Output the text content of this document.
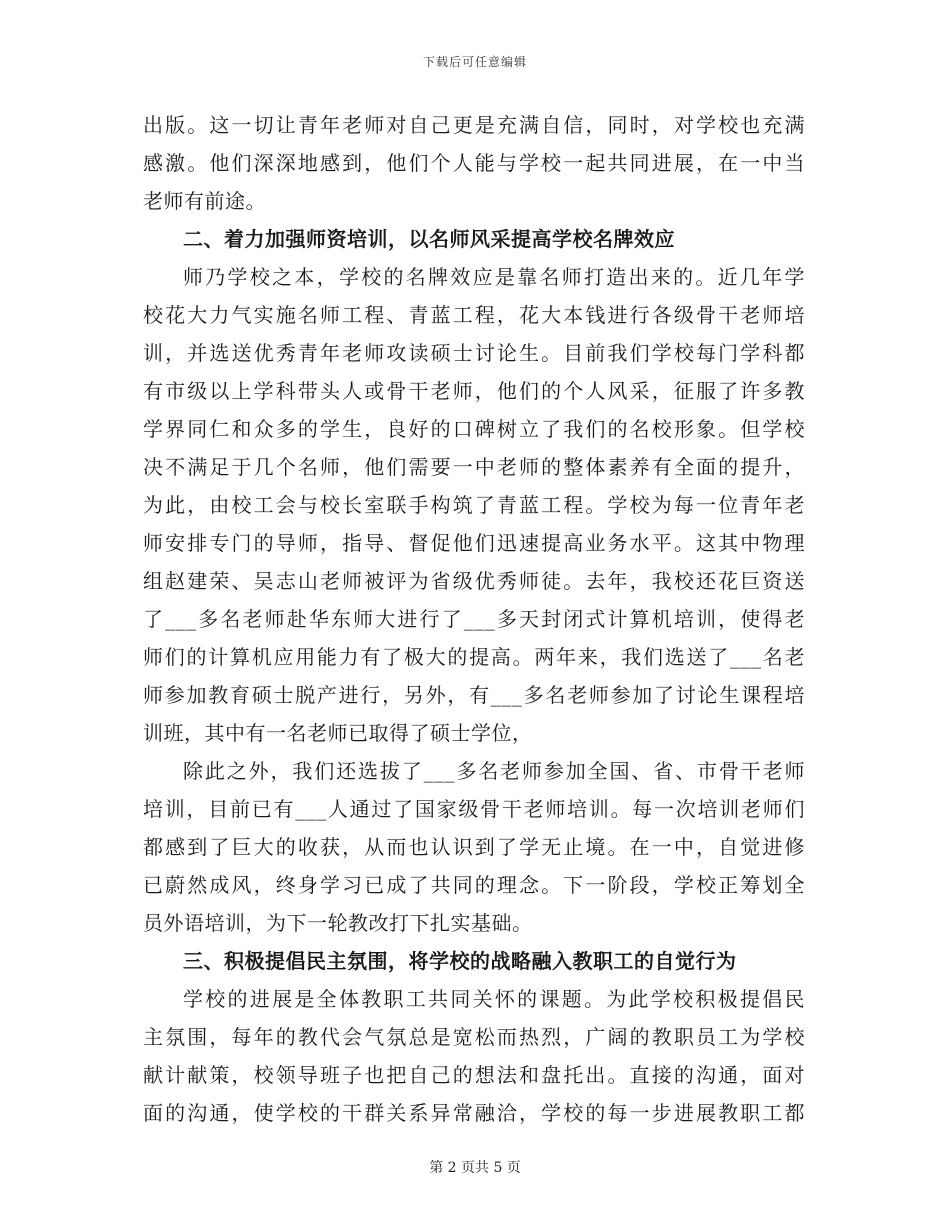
下载后可任意编辑
出版。这一切让青年老师对自己更是充满自信，同时，对学校也充满
感激。他们深深地感到，他们个人能与学校一起共同进展，在一中当
老师有前途。
二、着力加强师资培训，以名师风采提高学校名牌效应
师乃学校之本，学校的名牌效应是靠名师打造出来的。近几年学
校花大力气实施名师工程、青蓝工程，花大本钱进行各级骨干老师培
训，并选送优秀青年老师攻读硕士讨论生。目前我们学校每门学科都
有市级以上学科带头人或骨干老师，他们的个人风采，征服了许多教
学界同仁和众多的学生，良好的口碑树立了我们的名校形象。但学校
决不满足于几个名师，他们需要一中老师的整体素养有全面的提升，
为此，由校工会与校长室联手构筑了青蓝工程。学校为每一位青年老
师安排专门的导师，指导、督促他们迅速提高业务水平。这其中物理
组赵建荣、吴志山老师被评为省级优秀师徒。去年，我校还花巨资送
了___多名老师赴华东师大进行了___多天封闭式计算机培训，使得老
师们的计算机应用能力有了极大的提高。两年来，我们选送了___名老
师参加教育硕士脱产进行，另外，有___多名老师参加了讨论生课程培
训班，其中有一名老师已取得了硕士学位，
除此之外，我们还选拔了___多名老师参加全国、省、市骨干老师
培训，目前已有___人通过了国家级骨干老师培训。每一次培训老师们
都感到了巨大的收获，从而也认识到了学无止境。在一中，自觉进修
已蔚然成风，终身学习已成了共同的理念。下一阶段，学校正筹划全
员外语培训，为下一轮教改打下扎实基础。
三、积极提倡民主氛围，将学校的战略融入教职工的自觉行为
学校的进展是全体教职工共同关怀的课题。为此学校积极提倡民
主氛围，每年的教代会气氛总是宽松而热烈，广阔的教职员工为学校
献计献策，校领导班子也把自己的想法和盘托出。直接的沟通，面对
面的沟通，使学校的干群关系异常融洽，学校的每一步进展教职工都
第 2 页共 5 页
